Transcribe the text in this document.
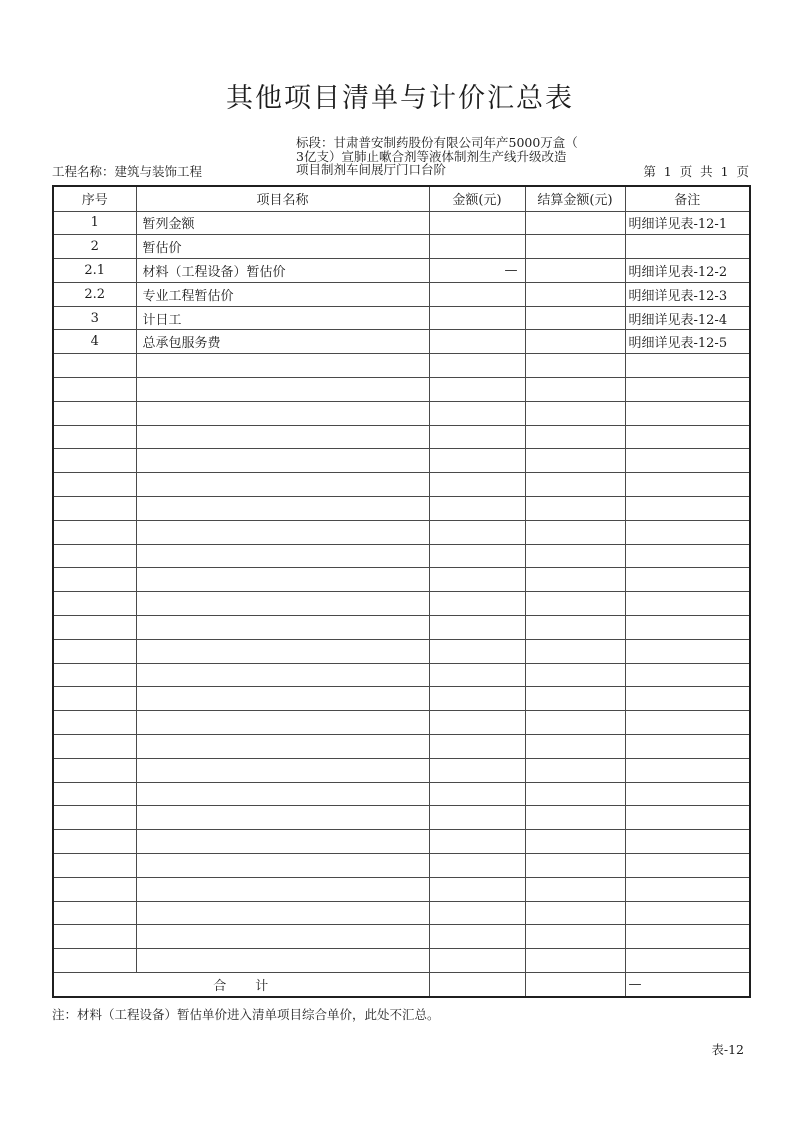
其他项目清单与计价汇总表
标段：甘肃普安制药股份有限公司年产5000万盒（
3亿支）宣肺止嗽合剂等液体制剂生产线升级改造
项目制剂车间展厅门口台阶
工程名称：建筑与装饰工程	第  1  页  共  1  页
序号	项目名称	金额(元)	结算金额(元)	备注
1	暂列金额			明细详见表-12-1
2	暂估价			
2.1	材料（工程设备）暂估价	—		明细详见表-12-2
2.2	专业工程暂估价			明细详见表-12-3
3	计日工			明细详见表-12-4
4	总承包服务费			明细详见表-12-5

合　　计				—
注：材料（工程设备）暂估单价进入清单项目综合单价，此处不汇总。
表-12
